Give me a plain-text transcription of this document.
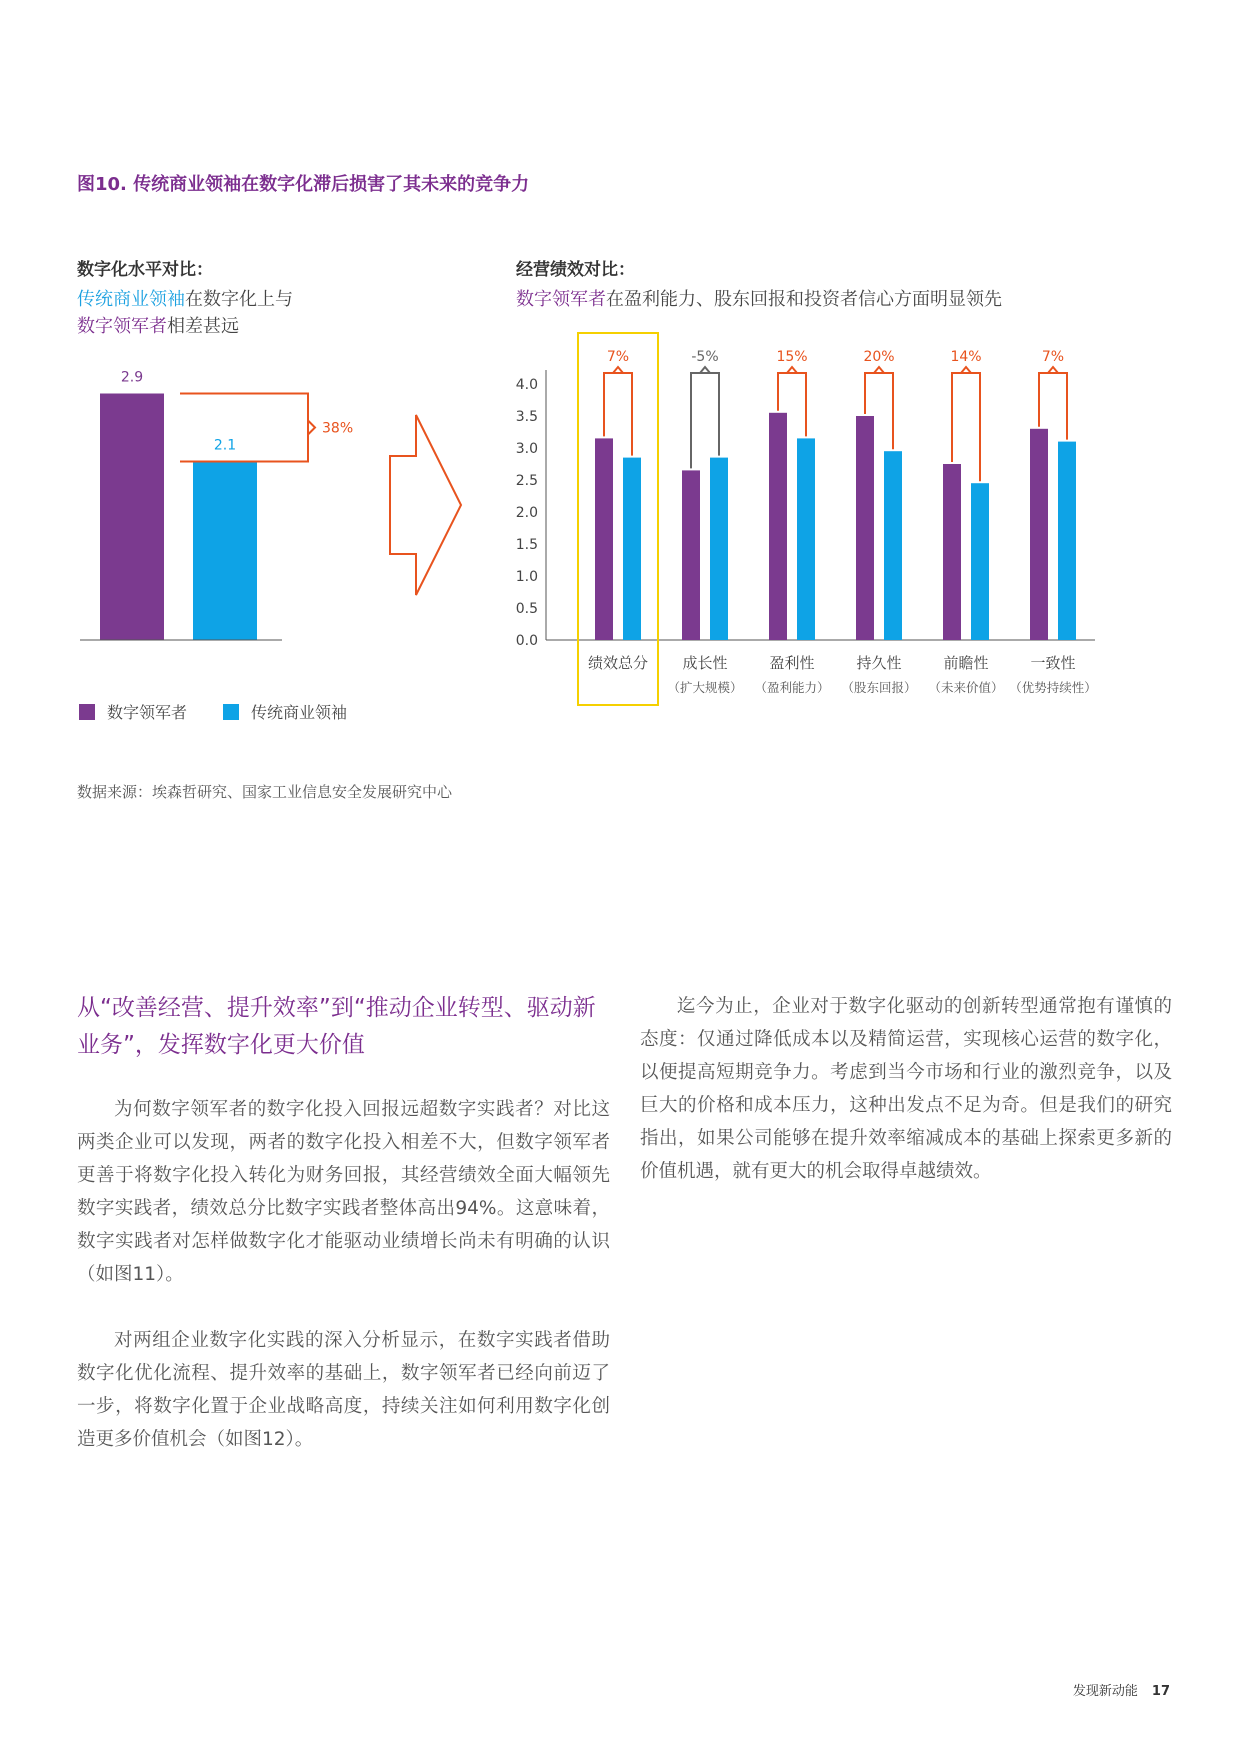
图10. 传统商业领袖在数字化滞后损害了其未来的竞争力
数字化水平对比：
传统商业领袖在数字化上与
数字领军者相差甚远
经营绩效对比：
数字领军者在盈利能力、股东回报和投资者信心方面明显领先
2.9
2.1
38%
0.0
0.5
1.0
1.5
2.0
2.5
3.0
3.5
4.0
7%
绩效总分
-5%
成长性
（扩大规模）
15%
盈利性
（盈利能力）
20%
持久性
（股东回报）
14%
前瞻性
（未来价值）
7%
一致性
（优势持续性）
数字领军者	传统商业领袖
数据来源：埃森哲研究、国家工业信息安全发展研究中心
从“改善经营、提升效率”到“推动企业转型、驱动新业务”，发挥数字化更大价值

为何数字领军者的数字化投入回报远超数字实践者？对比这两类企业可以发现，两者的数字化投入相差不大，但数字领军者更善于将数字化投入转化为财务回报，其经营绩效全面大幅领先数字实践者，绩效总分比数字实践者整体高出94%。这意味着，数字实践者对怎样做数字化才能驱动业绩增长尚未有明确的认识（如图11）。

对两组企业数字化实践的深入分析显示，在数字实践者借助数字化优化流程、提升效率的基础上，数字领军者已经向前迈了一步，将数字化置于企业战略高度，持续关注如何利用数字化创造更多价值机会（如图12）。

迄今为止，企业对于数字化驱动的创新转型通常抱有谨慎的态度：仅通过降低成本以及精简运营，实现核心运营的数字化，以便提高短期竞争力。考虑到当今市场和行业的激烈竞争，以及巨大的价格和成本压力，这种出发点不足为奇。但是我们的研究指出，如果公司能够在提升效率缩减成本的基础上探索更多新的价值机遇，就有更大的机会取得卓越绩效。

发现新动能 17
